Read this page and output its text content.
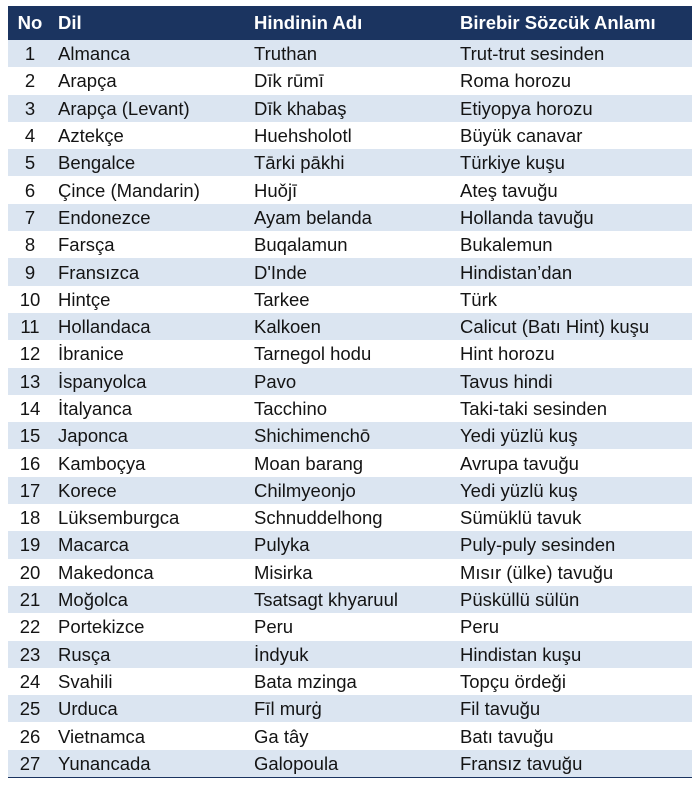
No	Dil	Hindinin Adı	Birebir Sözcük Anlamı
1	Almanca	Truthan	Trut-trut sesinden
2	Arapça	Dīk rūmī	Roma horozu
3	Arapça (Levant)	Dīk khabaş	Etiyopya horozu
4	Aztekçe	Huehsholotl	Büyük canavar
5	Bengalce	Tārki pākhi	Türkiye kuşu
6	Çince (Mandarin)	Huǒjī	Ateş tavuğu
7	Endonezce	Ayam belanda	Hollanda tavuğu
8	Farsça	Buqalamun	Bukalemun
9	Fransızca	D'Inde	Hindistan’dan
10	Hintçe	Tarkee	Türk
11	Hollandaca	Kalkoen	Calicut (Batı Hint) kuşu
12	İbranice	Tarnegol hodu	Hint horozu
13	İspanyolca	Pavo	Tavus hindi
14	İtalyanca	Tacchino	Taki-taki sesinden
15	Japonca	Shichimenchō	Yedi yüzlü kuş
16	Kamboçya	Moan barang	Avrupa tavuğu
17	Korece	Chilmyeonjo	Yedi yüzlü kuş
18	Lüksemburgca	Schnuddelhong	Sümüklü tavuk
19	Macarca	Pulyka	Puly-puly sesinden
20	Makedonca	Misirka	Mısır (ülke) tavuğu
21	Moğolca	Tsatsagt khyaruul	Püsküllü sülün
22	Portekizce	Peru	Peru
23	Rusça	İndyuk	Hindistan kuşu
24	Svahili	Bata mzinga	Topçu ördeği
25	Urduca	Fīl murġ	Fil tavuğu
26	Vietnamca	Ga tây	Batı tavuğu
27	Yunancada	Galopoula	Fransız tavuğu
